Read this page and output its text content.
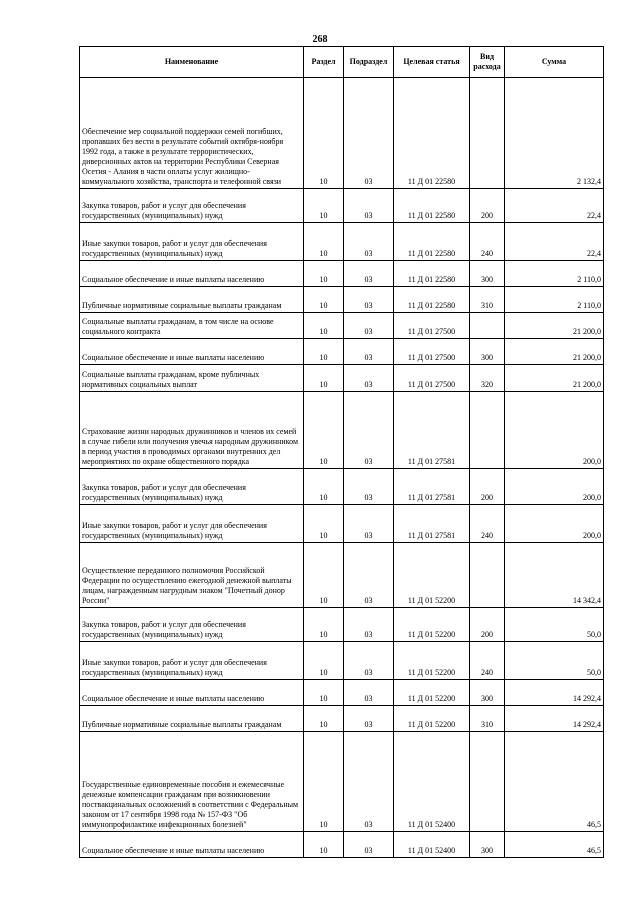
268
Наименование	Раздел	Подраздел	Целевая статья	Вид расхода	Сумма
Обеспечение мер социальной поддержки семей погибших, пропавших без вести в результате событий октября-ноября 1992 года, а также в результате террористических, диверсионных актов на территории Республики Северная Осетия - Алания в части оплаты услуг жилищно-коммунального хозяйства, транспорта и телефонной связи	10	03	11 Д 01 22580		2 132,4
Закупка товаров, работ и услуг для обеспечения государственных (муниципальных) нужд	10	03	11 Д 01 22580	200	22,4
Иные закупки товаров, работ и услуг для обеспечения государственных (муниципальных) нужд	10	03	11 Д 01 22580	240	22,4
Социальное обеспечение и иные выплаты населению	10	03	11 Д 01 22580	300	2 110,0
Публичные нормативные социальные выплаты гражданам	10	03	11 Д 01 22580	310	2 110,0
Социальные выплаты гражданам, в том числе на основе социального контракта	10	03	11 Д 01 27500		21 200,0
Социальное обеспечение и иные выплаты населению	10	03	11 Д 01 27500	300	21 200,0
Социальные выплаты гражданам, кроме публичных нормативных социальных выплат	10	03	11 Д 01 27500	320	21 200,0
Страхование жизни народных дружинников и членов их семей в случае гибели или получения увечья народным дружинником в период участия в проводимых органами внутренних дел мероприятиях по охране общественного порядка	10	03	11 Д 01 27581		200,0
Закупка товаров, работ и услуг для обеспечения государственных (муниципальных) нужд	10	03	11 Д 01 27581	200	200,0
Иные закупки товаров, работ и услуг для обеспечения государственных (муниципальных) нужд	10	03	11 Д 01 27581	240	200,0
Осуществление переданного полномочия Российской Федерации по осуществлению ежегодной денежной выплаты лицам, награжденным нагрудным знаком "Почетный донор России"	10	03	11 Д 01 52200		14 342,4
Закупка товаров, работ и услуг для обеспечения государственных (муниципальных) нужд	10	03	11 Д 01 52200	200	50,0
Иные закупки товаров, работ и услуг для обеспечения государственных (муниципальных) нужд	10	03	11 Д 01 52200	240	50,0
Социальное обеспечение и иные выплаты населению	10	03	11 Д 01 52200	300	14 292,4
Публичные нормативные социальные выплаты гражданам	10	03	11 Д 01 52200	310	14 292,4
Государственные единовременные пособия и ежемесячные денежные компенсации гражданам при возникновении поствакцинальных осложнений в соответствии с Федеральным законом от 17 сентября 1998 года № 157-ФЗ "Об иммунопрофилактике инфекционных болезней"	10	03	11 Д 01 52400		46,5
Социальное обеспечение и иные выплаты населению	10	03	11 Д 01 52400	300	46,5
